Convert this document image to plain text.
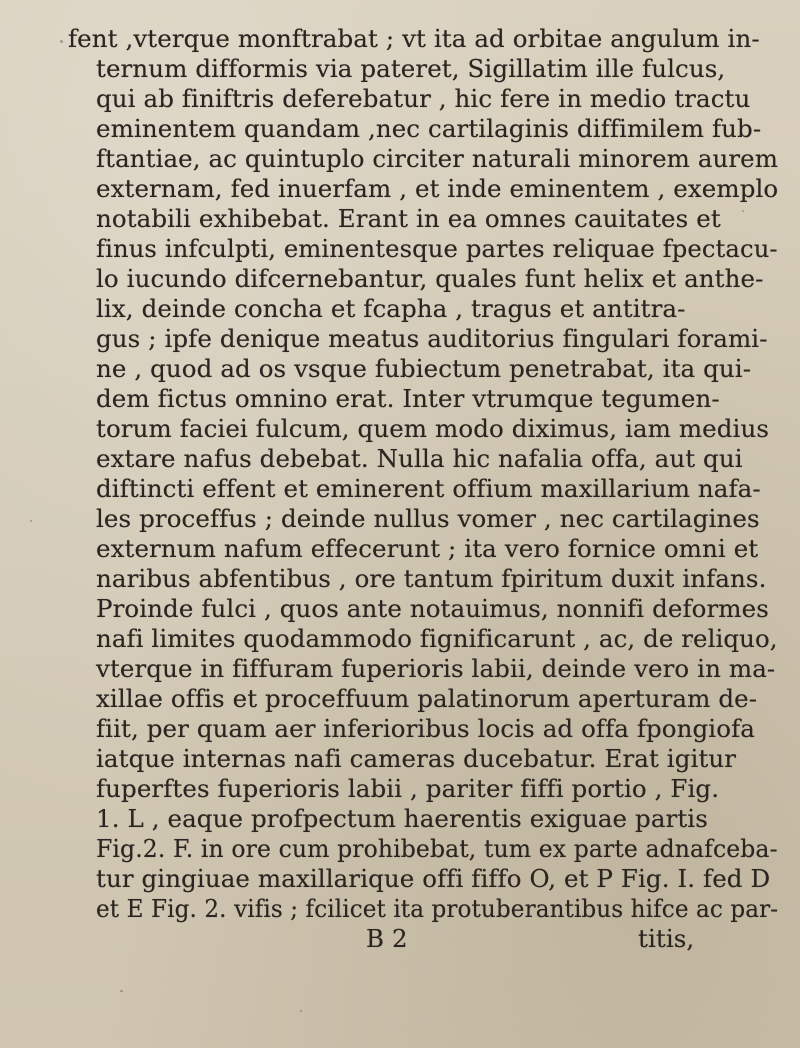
fent ,vterque monftrabat ; vt ita ad orbitae angulum in-
ternum difformis via pateret, Sigillatim ille fulcus,
qui ab finiftris deferebatur , hic fere in medio tractu
eminentem quandam ,nec cartilaginis diffimilem fub-
ftantiae, ac quintuplo circiter naturali minorem aurem
externam, fed inuerfam , et inde eminentem , exemplo
notabili exhibebat. Erant in ea omnes cauitates et
finus infculpti, eminentesque partes reliquae fpectacu-
lo iucundo difcernebantur, quales funt helix et anthe-
lix, deinde concha et fcapha , tragus et antitra-
gus ; ipfe denique meatus auditorius fingulari forami-
ne , quod ad os vsque fubiectum penetrabat, ita qui-
dem fictus omnino erat. Inter vtrumque tegumen-
torum faciei fulcum, quem modo diximus, iam medius
extare nafus debebat. Nulla hic nafalia offa, aut qui
diftincti effent et eminerent offium maxillarium nafa-
les proceffus ; deinde nullus vomer , nec cartilagines
externum nafum effecerunt ; ita vero fornice omni et
naribus abfentibus , ore tantum fpiritum duxit infans.
Proinde fulci , quos ante notauimus, nonnifi deformes
nafi limites quodammodo fignificarunt , ac, de reliquo,
vterque in fiffuram fuperioris labii, deinde vero in ma-
xillae offis et proceffuum palatinorum aperturam de-
fiit, per quam aer inferioribus locis ad offa fpongiofa
iatque internas nafi cameras ducebatur. Erat igitur
fuperftes fuperioris labii , pariter fiffi portio , Fig.
1. L , eaque profpectum haerentis exiguae partis
Fig.2. F. in ore cum prohibebat, tum ex parte adnafceba-
tur gingiuae maxillarique offi fiffo O, et P Fig. I. fed D
et E Fig. 2. vifis ; fcilicet ita protuberantibus hifce ac par-
B 2	titis,
